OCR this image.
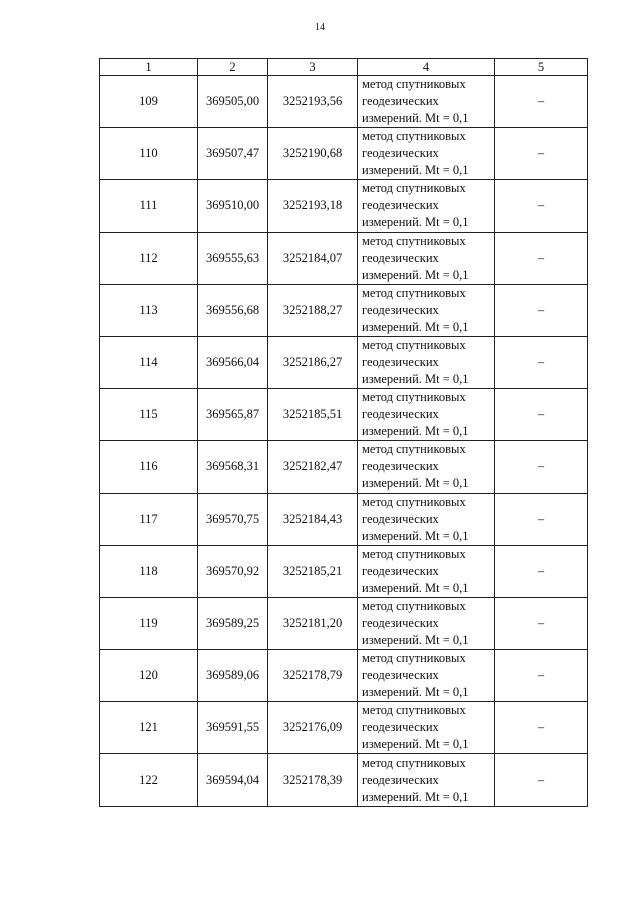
14
1	2	3	4	5
109	369505,00	3252193,56	метод спутниковых
геодезических
измерений. Mt = 0,1	–
110	369507,47	3252190,68	метод спутниковых
геодезических
измерений. Mt = 0,1	–
111	369510,00	3252193,18	метод спутниковых
геодезических
измерений. Mt = 0,1	–
112	369555,63	3252184,07	метод спутниковых
геодезических
измерений. Mt = 0,1	–
113	369556,68	3252188,27	метод спутниковых
геодезических
измерений. Mt = 0,1	–
114	369566,04	3252186,27	метод спутниковых
геодезических
измерений. Mt = 0,1	–
115	369565,87	3252185,51	метод спутниковых
геодезических
измерений. Mt = 0,1	–
116	369568,31	3252182,47	метод спутниковых
геодезических
измерений. Mt = 0,1	–
117	369570,75	3252184,43	метод спутниковых
геодезических
измерений. Mt = 0,1	–
118	369570,92	3252185,21	метод спутниковых
геодезических
измерений. Mt = 0,1	–
119	369589,25	3252181,20	метод спутниковых
геодезических
измерений. Mt = 0,1	–
120	369589,06	3252178,79	метод спутниковых
геодезических
измерений. Mt = 0,1	–
121	369591,55	3252176,09	метод спутниковых
геодезических
измерений. Mt = 0,1	–
122	369594,04	3252178,39	метод спутниковых
геодезических
измерений. Mt = 0,1	–
